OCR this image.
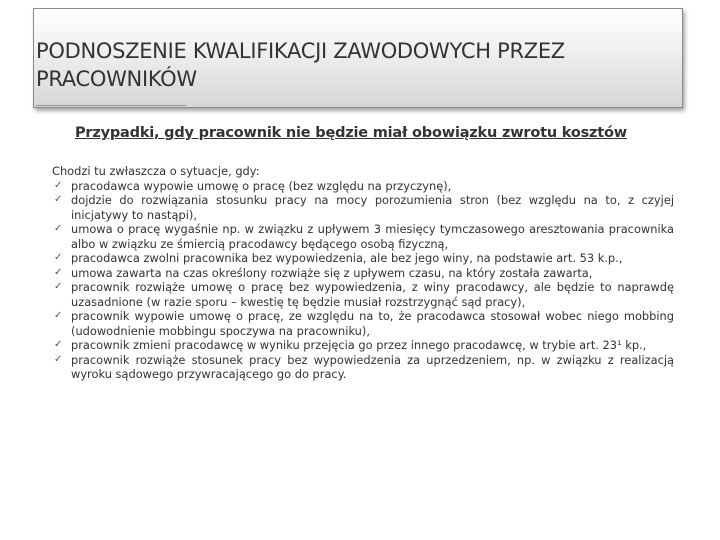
PODNOSZENIE KWALIFIKACJI ZAWODOWYCH PRZEZ
PRACOWNIKÓW
Przypadki, gdy pracownik nie będzie miał obowiązku zwrotu kosztów

Chodzi tu zwłaszcza o sytuacje, gdy:

✓ pracodawca wypowie umowę o pracę (bez względu na przyczynę),
✓ dojdzie do rozwiązania stosunku pracy na mocy porozumienia stron (bez względu na to, z czyjej inicjatywy to nastąpi),
✓ umowa o pracę wygaśnie np. w związku z upływem 3 miesięcy tymczasowego aresztowania pracownika albo w związku ze śmiercią pracodawcy będącego osobą fizyczną,
✓ pracodawca zwolni pracownika bez wypowiedzenia, ale bez jego winy, na podstawie art. 53 k.p.,
✓ umowa zawarta na czas określony rozwiąże się z upływem czasu, na który została zawarta,
✓ pracownik rozwiąże umowę o pracę bez wypowiedzenia, z winy pracodawcy, ale będzie to naprawdę uzasadnione (w razie sporu – kwestię tę będzie musiał rozstrzygnąć sąd pracy),
✓ pracownik wypowie umowę o pracę, ze względu na to, że pracodawca stosował wobec niego mobbing (udowodnienie mobbingu spoczywa na pracowniku),
✓ pracownik zmieni pracodawcę w wyniku przejęcia go przez innego pracodawcę, w trybie art. 23¹ kp.,
✓ pracownik rozwiąże stosunek pracy bez wypowiedzenia za uprzedzeniem, np. w związku z realizacją wyroku sądowego przywracającego go do pracy.
